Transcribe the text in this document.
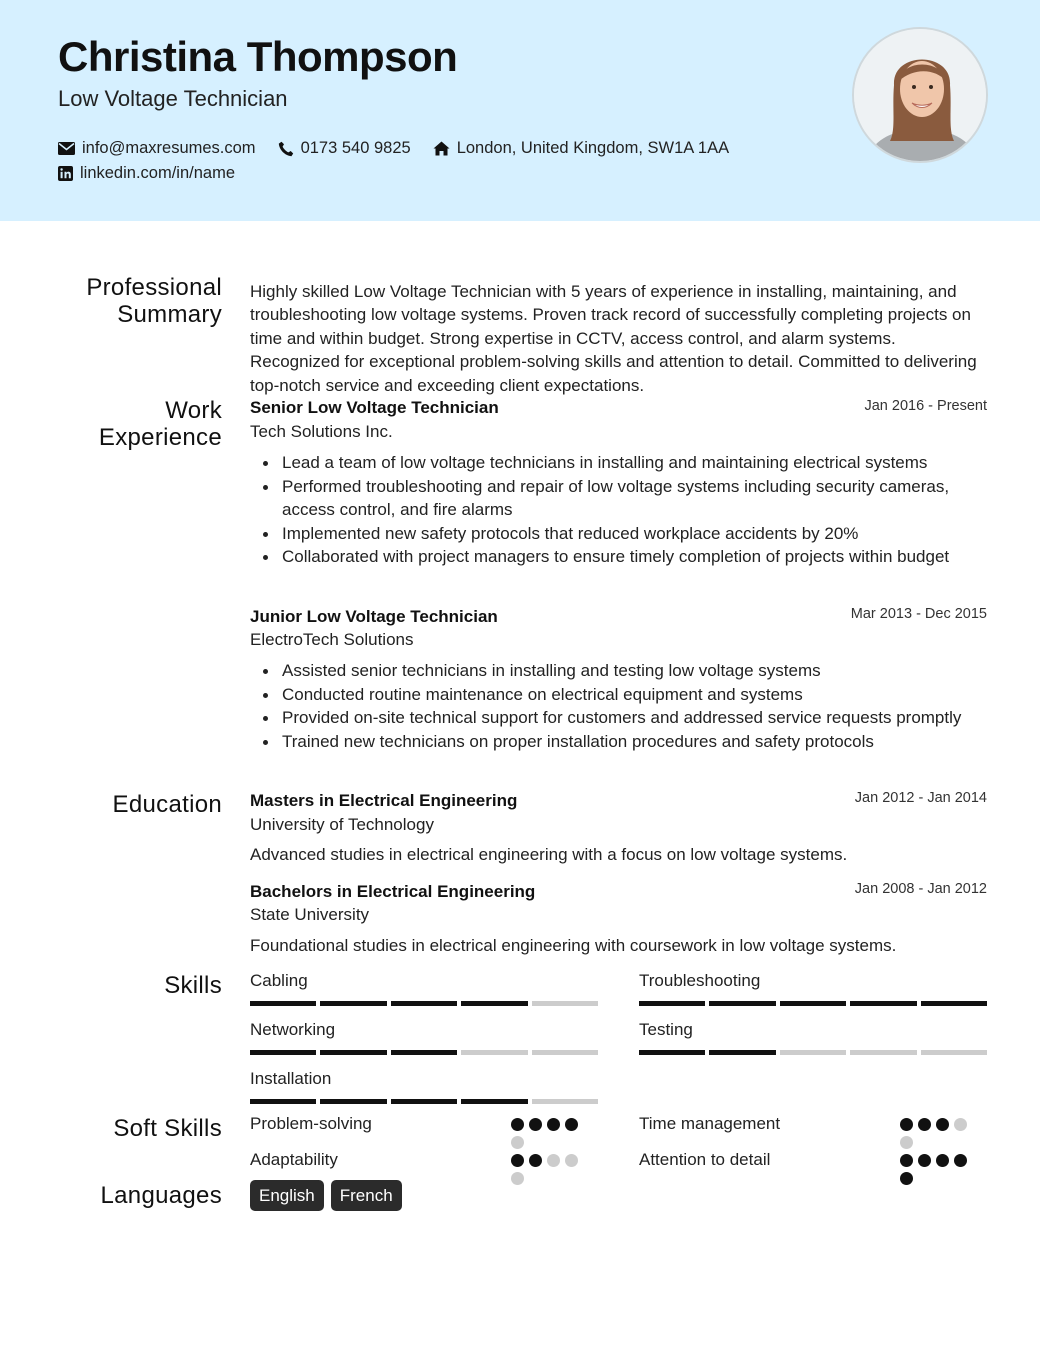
Christina Thompson
Low Voltage Technician
info@maxresumes.com	0173 540 9825	London, United Kingdom, SW1A 1AA
linkedin.com/in/name
Professional
Summary
Highly skilled Low Voltage Technician with 5 years of experience in installing, maintaining, and troubleshooting low voltage systems. Proven track record of successfully completing projects on time and within budget. Strong expertise in CCTV, access control, and alarm systems. Recognized for exceptional problem-solving skills and attention to detail. Committed to delivering top-notch service and exceeding client expectations.
Work
Experience
Senior Low Voltage Technician	Jan 2016 - Present
Tech Solutions Inc.
Lead a team of low voltage technicians in installing and maintaining electrical systems
Performed troubleshooting and repair of low voltage systems including security cameras, access control, and fire alarms
Implemented new safety protocols that reduced workplace accidents by 20%
Collaborated with project managers to ensure timely completion of projects within budget
Junior Low Voltage Technician	Mar 2013 - Dec 2015
ElectroTech Solutions
Assisted senior technicians in installing and testing low voltage systems
Conducted routine maintenance on electrical equipment and systems
Provided on-site technical support for customers and addressed service requests promptly
Trained new technicians on proper installation procedures and safety protocols
Education Masters in Electrical Engineering	Jan 2012 - Jan 2014
University of Technology
Advanced studies in electrical engineering with a focus on low voltage systems.
Bachelors in Electrical Engineering	Jan 2008 - Jan 2012
State University
Foundational studies in electrical engineering with coursework in low voltage systems.
Skills Cabling	Troubleshooting
Networking	Testing
Installation
Soft Skills Problem-solving	Time management
Adaptability	Attention to detail
Languages	English	French
